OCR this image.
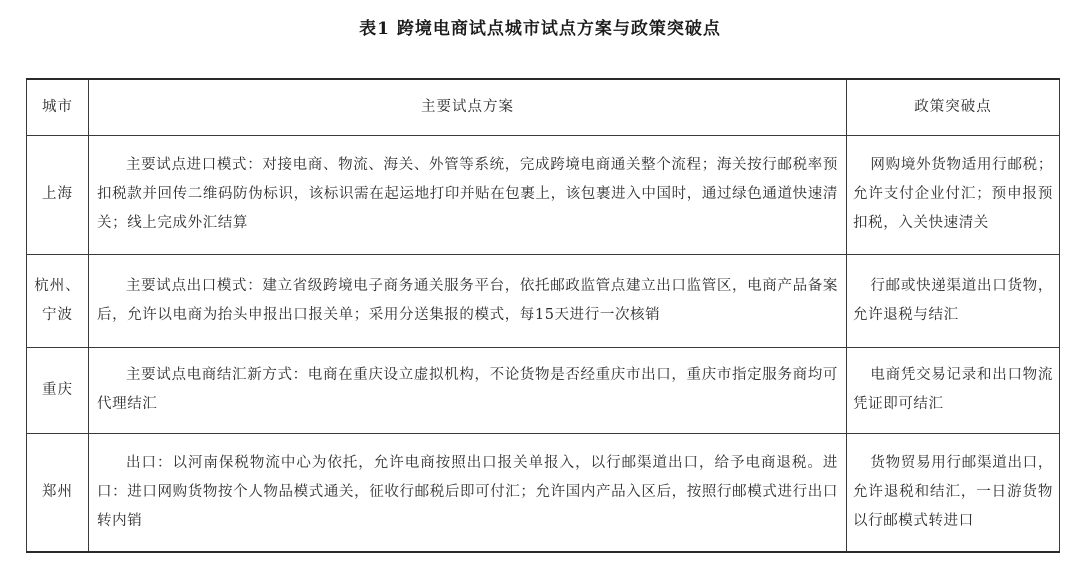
表1 跨境电商试点城市试点方案与政策突破点
城市	主要试点方案	政策突破点
上海	主要试点进口模式：对接电商、物流、海关、外管等系统，完成跨境电商通关整个流程；海关按行邮税率预扣税款并回传二维码防伪标识，该标识需在起运地打印并贴在包裹上，该包裹进入中国时，通过绿色通道快速清关；线上完成外汇结算	网购境外货物适用行邮税；允许支付企业付汇；预申报预扣税，入关快速清关
杭州、宁波	主要试点出口模式：建立省级跨境电子商务通关服务平台，依托邮政监管点建立出口监管区，电商产品备案后，允许以电商为抬头申报出口报关单；采用分送集报的模式，每15天进行一次核销	行邮或快递渠道出口货物，允许退税与结汇
重庆	主要试点电商结汇新方式：电商在重庆设立虚拟机构，不论货物是否经重庆市出口，重庆市指定服务商均可代理结汇	电商凭交易记录和出口物流凭证即可结汇
郑州	出口：以河南保税物流中心为依托，允许电商按照出口报关单报入，以行邮渠道出口，给予电商退税。进口：进口网购货物按个人物品模式通关，征收行邮税后即可付汇；允许国内产品入区后，按照行邮模式进行出口转内销	货物贸易用行邮渠道出口，允许退税和结汇，一日游货物以行邮模式转进口
